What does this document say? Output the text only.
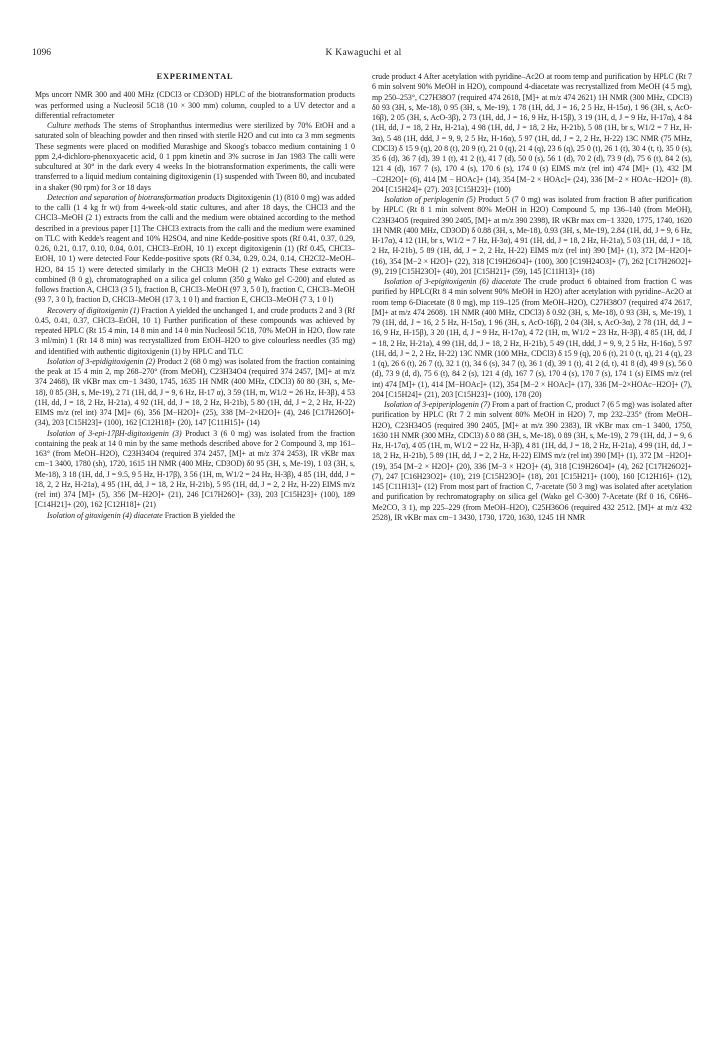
1096	K Kawaguchi et al
EXPERIMENTAL

Mps uncorr NMR 300 and 400 MHz (CDCl3 or CD3OD) HPLC of the biotransformation products was performed using a Nucleosil 5C18 (10 × 300 mm) column, coupled to a UV detector and a differential refractometer

Culture methods The stems of Strophanthus intermedius were sterilized by 70% EtOH and a saturated soln of bleaching powder and then rinsed with sterile H2O and cut into ca 3 mm segments These segments were placed on modified Murashige and Skoog's tobacco medium containing 1 0 ppm 2,4-dichloro-phenoxyacetic acid, 0 1 ppm kinetin and 3% sucrose in Jan 1983 The calli were subcultured at 30° in the dark every 4 weeks In the biotransformation experiments, the calli were transferred to a liquid medium containing digitoxigenin (1) suspended with Tween 80, and incubated in a shaker (90 rpm) for 3 or 18 days

Detection and separation of biotransformation products Digitoxigenin (1) (810 0 mg) was added to the calli (1 4 kg fr wt) from 4-week-old static cultures, and after 18 days, the CHCl3 and the CHCl3–MeOH (2 1) extracts from the calli and the medium were obtained according to the method described in a previous paper [1] The CHCl3 extracts from the calli and the medium were examined on TLC with Kedde's reagent and 10% H2SO4, and nine Kedde-positive spots (Rf 0.41, 0.37, 0.29, 0.26, 0.21, 0.17, 0.10, 0.04, 0.01, CHCl3–EtOH, 10 1) except digitoxigenin (1) (Rf 0.45, CHCl3–EtOH, 10 1) were detected Four Kedde-positive spots (Rf 0.34, 0.29, 0.24, 0.14, CH2Cl2–MeOH–H2O, 84 15 1) were detected similarly in the CHCl3 MeOH (2 1) extracts These extracts were combined (8 0 g), chromatographed on a silica gel column (350 g Wako gel C-200) and eluted as follows fraction A, CHCl3 (3 5 l), fraction B, CHCl3–MeOH (97 3, 5 0 l), fraction C, CHCl3–MeOH (93 7, 3 0 l), fraction D, CHCl3–MeOH (17 3, 1 0 l) and fraction E, CHCl3–MeOH (7 3, 1 0 l)

Recovery of digitoxigenin (1) Fraction A yielded the unchanged 1, and crude products 2 and 3 (Rf 0.45, 0.41, 0.37, CHCl3–EtOH, 10 1) Further purification of these compounds was achieved by repeated HPLC (Rt 15 4 min, 14 8 min and 14 0 min Nucleosil 5C18, 70% MeOH in H2O, flow rate 3 ml/min) 1 (Rt 14 8 min) was recrystallized from EtOH–H2O to give colourless needles (35 mg) and identified with authentic digitoxigenin (1) by HPLC and TLC

Isolation of 3-epidigitoxigenin (2) Product 2 (68 0 mg) was isolated from the fraction containing the peak at 15 4 min 2, mp 268–270° (from MeOH), C23H34O4 (required 374 2457, [M]+ at m/z 374 2468), IR νKBr max cm−1 3430, 1745, 1635 1H NMR (400 MHz, CDCl3) δ0 80 (3H, s, Me-18), 0 85 (3H, s, Me-19), 2 71 (1H, dd, J = 9, 6 Hz, H-17 α), 3 59 (1H, m, W1/2 = 26 Hz, H-3β), 4 53 (1H, dd, J = 18, 2 Hz, H-21a), 4 92 (1H, dd, J = 18, 2 Hz, H-21b), 5 80 (1H, dd, J = 2, 2 Hz, H-22) EIMS m/z (rel int) 374 [M]+ (6), 356 [M−H2O]+ (25), 338 [M−2×H2O]+ (4), 246 [C17H26O]+ (34), 203 [C15H23]+ (100), 162 [C12H18]+ (20), 147 [C11H15]+ (14)

Isolation of 3-epi-17βH-digitoxigenin (3) Product 3 (6 0 mg) was isolated from the fraction containing the peak at 14 0 min by the same methods described above for 2 Compound 3, mp 161–163° (from MeOH–H2O), C23H34O4 (required 374 2457, [M]+ at m/z 374 2453), IR νKBr max cm−1 3400, 1780 (sh), 1720, 1615 1H NMR (400 MHz, CD3OD) δ0 95 (3H, s, Me-19), 1 03 (3H, s, Me-18), 3 18 (1H, dd, J = 9.5, 9 5 Hz, H-17β), 3 56 (1H, m, W1/2 = 24 Hz, H-3β), 4 85 (1H, ddd, J = 18, 2, 2 Hz, H-21a), 4 95 (1H, dd, J = 18, 2 Hz, H-21b), 5 95 (1H, dd, J = 2, 2 Hz, H-22) EIMS m/z (rel int) 374 [M]+ (5), 356 [M−H2O]+ (21), 246 [C17H26O]+ (33), 203 [C15H23]+ (100), 189 [C14H21]+ (20), 162 [C12H18]+ (21)

Isolation of gitoxigenin (4) diacetate Fraction B yielded the

crude product 4 After acetylation with pyridine–Ac2O at room temp and purification by HPLC (Rt 7 6 min solvent 90% MeOH in H2O), compound 4-diacetate was recrystallized from MeOH (4 5 mg), mp 250–253°, C27H38O7 (required 474 2618, [M]+ at m/z 474 2621) 1H NMR (300 MHz, CDCl3) δ0 93 (3H, s, Me-18), 0 95 (3H, s, Me-19), 1 78 (1H, dd, J = 16, 2 5 Hz, H-15α), 1 96 (3H, s, AcO-16β), 2 05 (3H, s, AcO-3β), 2 73 (1H, dd, J = 16, 9 Hz, H-15β), 3 19 (1H, d, J = 9 Hz, H-17α), 4 84 (1H, dd, J = 18, 2 Hz, H-21a), 4 98 (1H, dd, J = 18, 2 Hz, H-21b), 5 08 (1H, br s, W1/2 = 7 Hz, H-3α), 5 48 (1H, ddd, J = 9, 9, 2 5 Hz, H-16α), 5 97 (1H, dd, J = 2, 2 Hz, H-22) 13C NMR (75 MHz, CDCl3) δ 15 9 (q), 20 8 (t), 20 9 (t), 21 0 (q), 21 4 (q), 23 6 (q), 25 0 (t), 26 1 (t), 30 4 (t, t), 35 0 (s), 35 6 (d), 36 7 (d), 39 1 (t), 41 2 (t), 41 7 (d), 50 0 (s), 56 1 (d), 70 2 (d), 73 9 (d), 75 6 (t), 84 2 (s), 121 4 (d), 167 7 (s), 170 4 (s), 170 6 (s), 174 0 (s) EIMS m/z (rel int) 474 [M]+ (1), 432 [M −C2H2O]+ (6), 414 [M − HOAc]+ (14), 354 [M−2 × HOAc]+ (24), 336 [M−2 × HOAc−H2O]+ (8). 204 [C15H24]+ (27). 203 [C15H23]+ (100)

Isolation of periplogenin (5) Product 5 (7 0 mg) was isolated from fraction B after purification by HPLC (Rt 8 1 min solvent 80% MeOH in H2O) Compound 5, mp 136–140 (from MeOH), C23H34O5 (required 390 2405, [M]+ at m/z 390 2398), IR νKBr max cm−1 3320, 1775, 1740, 1620 1H NMR (400 MHz, CD3OD) δ 0.88 (3H, s, Me-18), 0.93 (3H, s, Me-19), 2.84 (1H, dd, J = 9, 6 Hz, H-17α), 4 12 (1H, br s, W1/2 = 7 Hz, H-3α), 4 91 (1H, dd, J = 18, 2 Hz, H-21a), 5 03 (1H, dd, J = 18, 2 Hz, H-21b), 5 89 (1H, dd, J = 2, 2 Hz, H-22) EIMS m/z (rel int) 390 [M]+ (1), 372 [M−H2O]+ (16), 354 [M−2 × H2O]+ (22), 318 [C19H26O4]+ (100), 300 [C19H24O3]+ (7), 262 [C17H26O2]+ (9), 219 [C15H23O]+ (40), 201 [C15H21]+ (59), 145 [C11H13]+ (18)

Isolation of 3-epigitoxigenin (6) diacetate The crude product 6 obtained from fraction C was purified by HPLC(Rt 8 4 min solvent 90% MeOH in H2O) after acetylation with pyridine–Ac2O at room temp 6-Diacetate (8 0 mg), mp 119–125 (from MeOH–H2O), C27H38O7 (required 474 2617, [M]+ at m/z 474 2608). 1H NMR (400 MHz, CDCl3) δ 0.92 (3H, s, Me-18), 0 93 (3H, s, Me-19), 1 79 (1H, dd, J = 16, 2 5 Hz, H-15α), 1 96 (3H, s, AcO-16β), 2 04 (3H, s, AcO-3α), 2 78 (1H, dd, J = 16, 9 Hz, H-15β), 3 20 (1H, d, J = 9 Hz, H-17α), 4 72 (1H, m, W1/2 = 23 Hz, H-3β), 4 85 (1H, dd, J = 18, 2 Hz, H-21a), 4 99 (1H, dd, J = 18, 2 Hz, H-21b), 5 49 (1H, ddd, J = 9, 9, 2 5 Hz, H-16α), 5 97 (1H, dd, J = 2, 2 Hz, H-22) 13C NMR (100 MHz, CDCl3) δ 15 9 (q), 20 6 (t), 21 0 (t, q), 21 4 (q), 23 1 (q), 26 6 (t), 26 7 (t), 32 1 (t), 34 6 (s), 34 7 (t), 36 1 (d), 39 1 (t), 41 2 (d, t), 41 8 (d), 49 9 (s), 56 0 (d), 73 9 (d, d), 75 6 (t), 84 2 (s), 121 4 (d), 167 7 (s), 170 4 (s), 170 7 (s), 174 1 (s) EIMS m/z (rel int) 474 [M]+ (1), 414 [M−HOAc]+ (12), 354 [M−2 × HOAc]+ (17), 336 [M−2×HOAc−H2O]+ (7), 204 [C15H24]+ (21), 203 [C15H23]+ (100), 178 (20)

Isolation of 3-epiperiplogenin (7) From a part of fraction C, product 7 (6 5 mg) was isolated after purification by HPLC (Rt 7 2 min solvent 80% MeOH in H2O) 7, mp 232–235° (from MeOH–H2O), C23H34O5 (required 390 2405, [M]+ at m/z 390 2383), IR νKBr max cm−1 3400, 1750, 1630 1H NMR (300 MHz, CDCl3) δ 0 88 (3H, s, Me-18), 0 89 (3H, s, Me-19), 2 79 (1H, dd, J = 9, 6 Hz, H-17α), 4 05 (1H, m, W1/2 = 22 Hz, H-3β), 4 81 (1H, dd, J = 18, 2 Hz, H-21a), 4 99 (1H, dd, J = 18, 2 Hz, H-21b), 5 89 (1H, dd, J = 2, 2 Hz, H-22) EIMS m/z (rel int) 390 [M]+ (1), 372 [M −H2O]+ (19), 354 [M−2 × H2O]+ (20), 336 [M−3 × H2O]+ (4), 318 [C19H26O4]+ (4), 262 [C17H26O2]+ (7), 247 [C16H23O2]+ (10), 219 [C15H23O]+ (18), 201 [C15H21]+ (100), 160 [C12H16]+ (12), 145 [C11H13]+ (12) From most part of fraction C, 7-acetate (50 3 mg) was isolated after acetylation and purification by rechromatography on silica gel (Wako gel C-300) 7-Acetate (Rf 0 16, C6H6–Me2CO, 3 1), mp 225–229 (from MeOH–H2O), C25H36O6 (required 432 2512. [M]+ at m/z 432 2528), IR νKBr max cm−1 3430, 1730, 1720, 1630, 1245 1H NMR
